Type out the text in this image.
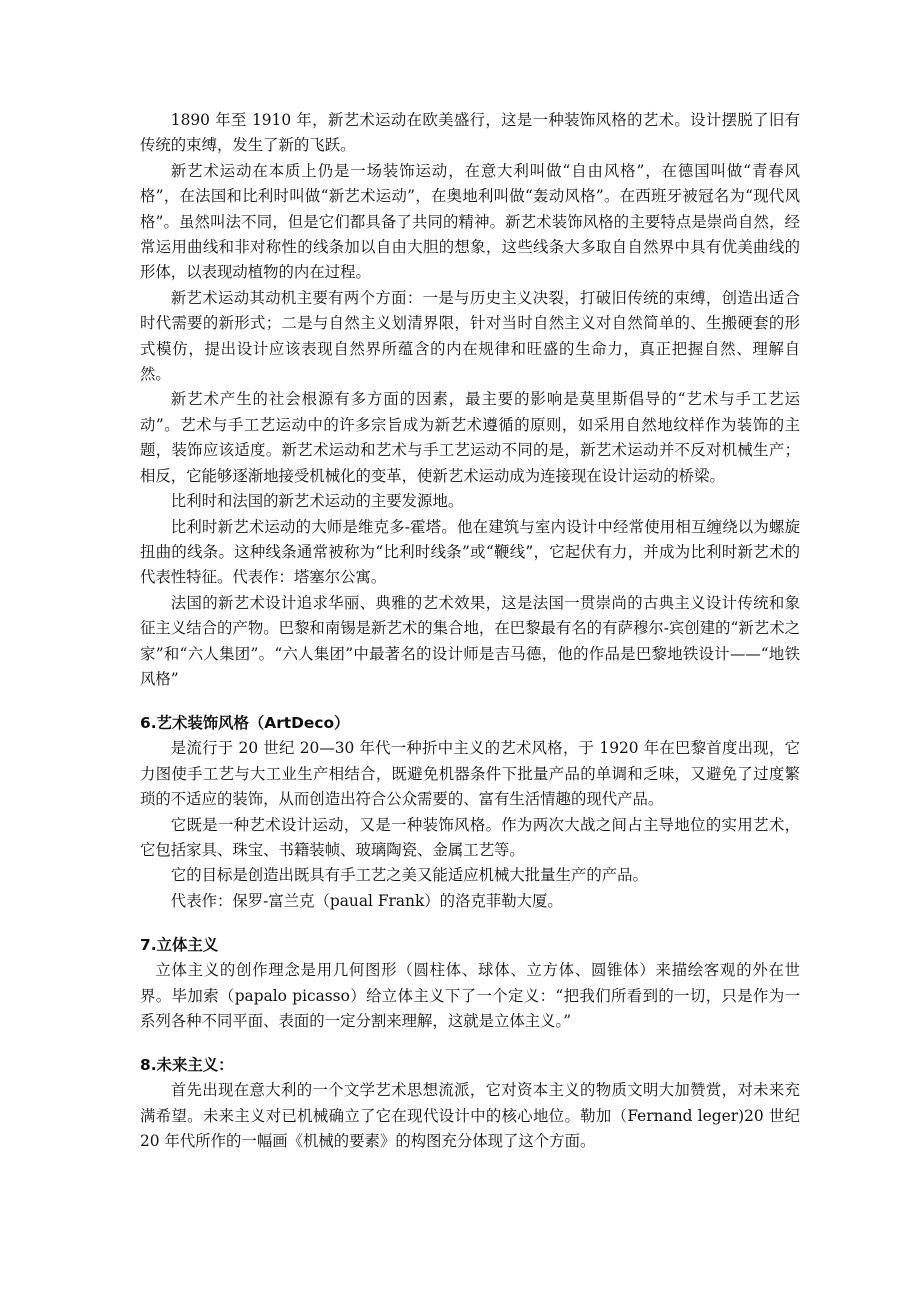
1890 年至 1910 年，新艺术运动在欧美盛行，这是一种装饰风格的艺术。设计摆脱了旧有传统的束缚，发生了新的飞跃。

新艺术运动在本质上仍是一场装饰运动，在意大利叫做“自由风格”，在德国叫做“青春风格”，在法国和比利时叫做“新艺术运动”，在奥地利叫做“轰动风格”。在西班牙被冠名为“现代风格”。虽然叫法不同，但是它们都具备了共同的精神。新艺术装饰风格的主要特点是崇尚自然，经常运用曲线和非对称性的线条加以自由大胆的想象，这些线条大多取自自然界中具有优美曲线的形体，以表现动植物的内在过程。

新艺术运动其动机主要有两个方面：一是与历史主义决裂，打破旧传统的束缚，创造出适合时代需要的新形式；二是与自然主义划清界限，针对当时自然主义对自然简单的、生搬硬套的形式模仿，提出设计应该表现自然界所蕴含的内在规律和旺盛的生命力，真正把握自然、理解自然。

新艺术产生的社会根源有多方面的因素，最主要的影响是莫里斯倡导的“艺术与手工艺运动”。艺术与手工艺运动中的许多宗旨成为新艺术遵循的原则，如采用自然地纹样作为装饰的主题，装饰应该适度。新艺术运动和艺术与手工艺运动不同的是，新艺术运动并不反对机械生产；相反，它能够逐渐地接受机械化的变革，使新艺术运动成为连接现在设计运动的桥梁。

比利时和法国的新艺术运动的主要发源地。

比利时新艺术运动的大师是维克多-霍塔。他在建筑与室内设计中经常使用相互缠绕以为螺旋扭曲的线条。这种线条通常被称为“比利时线条”或“鞭线”，它起伏有力，并成为比利时新艺术的代表性特征。代表作：塔塞尔公寓。

法国的新艺术设计追求华丽、典雅的艺术效果，这是法国一贯崇尚的古典主义设计传统和象征主义结合的产物。巴黎和南锡是新艺术的集合地，在巴黎最有名的有萨穆尔-宾创建的“新艺术之家”和“六人集团”。“六人集团”中最著名的设计师是吉马德，他的作品是巴黎地铁设计——“地铁风格”

6.艺术装饰风格（ArtDeco）

是流行于 20 世纪 20—30 年代一种折中主义的艺术风格，于 1920 年在巴黎首度出现，它力图使手工艺与大工业生产相结合，既避免机器条件下批量产品的单调和乏味，又避免了过度繁琐的不适应的装饰，从而创造出符合公众需要的、富有生活情趣的现代产品。

它既是一种艺术设计运动，又是一种装饰风格。作为两次大战之间占主导地位的实用艺术，它包括家具、珠宝、书籍装帧、玻璃陶瓷、金属工艺等。

它的目标是创造出既具有手工艺之美又能适应机械大批量生产的产品。

代表作：保罗-富兰克（paual Frank）的洛克菲勒大厦。

7.立体主义

立体主义的创作理念是用几何图形（圆柱体、球体、立方体、圆锥体）来描绘客观的外在世界。毕加索（papalo picasso）给立体主义下了一个定义：“把我们所看到的一切，只是作为一系列各种不同平面、表面的一定分割来理解，这就是立体主义。”

8.未来主义：

首先出现在意大利的一个文学艺术思想流派，它对资本主义的物质文明大加赞赏，对未来充满希望。未来主义对已机械确立了它在现代设计中的核心地位。勒加（Fernand leger)20 世纪 20 年代所作的一幅画《机械的要素》的构图充分体现了这个方面。
